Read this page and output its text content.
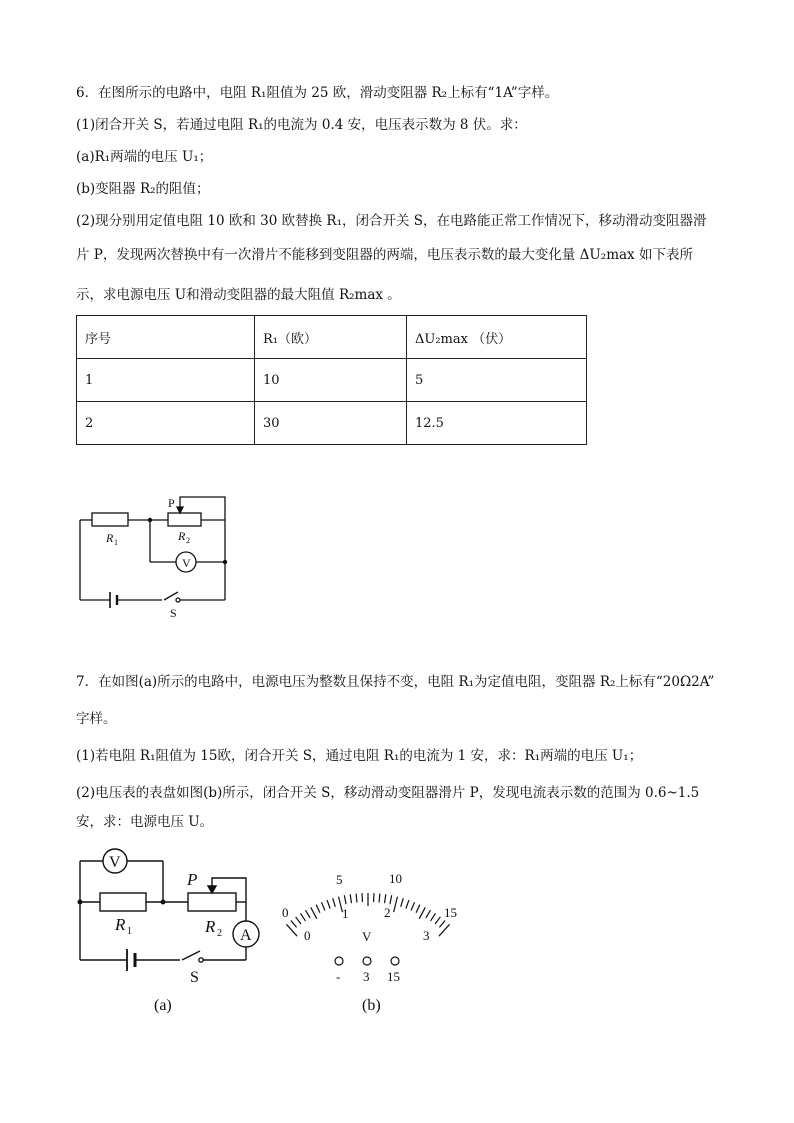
6．在图所示的电路中，电阻 R₁阻值为 25 欧，滑动变阻器 R₂上标有“1A”字样。
(1)闭合开关 S，若通过电阻 R₁的电流为 0.4 安，电压表示数为 8 伏。求：
(a)R₁两端的电压 U₁；
(b)变阻器 R₂的阻值；
(2)现分别用定值电阻 10 欧和 30 欧替换 R₁，闭合开关 S，在电路能正常工作情况下，移动滑动变阻器滑
片 P，发现两次替换中有一次滑片不能移到变阻器的两端，电压表示数的最大变化量 ΔU₂max 如下表所
示，求电源电压 U和滑动变阻器的最大阻值 R₂max 。
序号	R₁（欧）	ΔU₂max （伏）
1	10	5
2	30	12.5
P
R 1	R 2
V
S
7．在如图(a)所示的电路中，电源电压为整数且保持不变，电阻 R₁为定值电阻，变阻器 R₂上标有“20Ω2A”
字样。
(1)若电阻 R₁阻值为 15欧，闭合开关 S，通过电阻 R₁的电流为 1 安，求：R₁两端的电压 U₁；
(2)电压表的表盘如图(b)所示，闭合开关 S，移动滑动变阻器滑片 P，发现电流表示数的范围为 0.6~1.5
安，求：电源电压 U。
V
P
R 1	R 2 A
S
(a)
0
5	10
15
0
1	2
3
V
- 3 15
(b)
